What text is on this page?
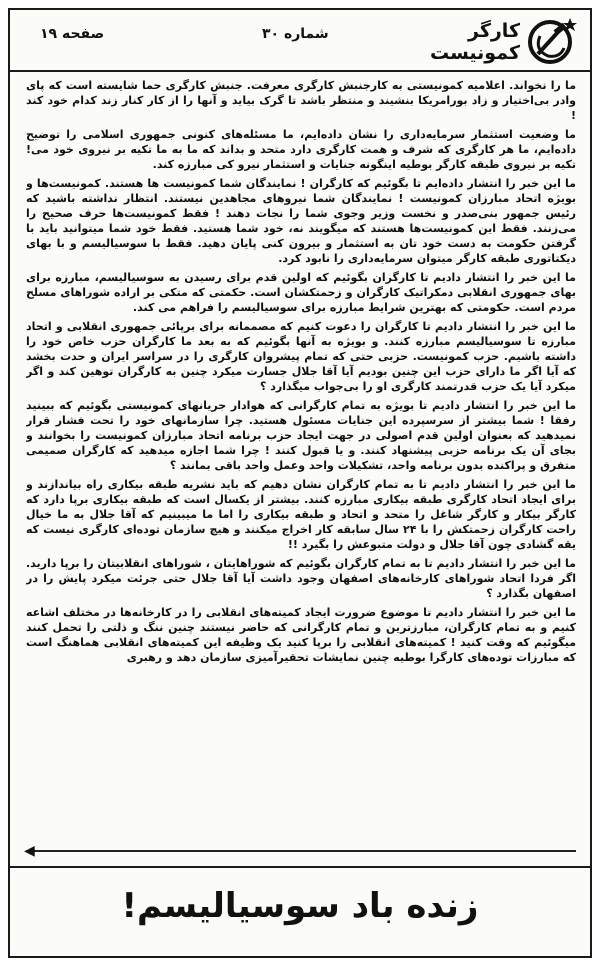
صفحه ۱۹	شماره ۳۰	کارگر کمونیست

ما را نخواند. اعلامیه کمونیستی به کارجنبش کارگری معرفت. جنبش کارگری حما شایسته است که پای وادر بی‌اختیار و زاد بورامریکا بنشیند و منتظر باشد تا گرک بیاید و آنها را از کار کنار زند کدام خود کند !

ما وضعیت استثمار سرمایه‌داری را نشان داده‌ایم، ما مسئله‌های کنونی جمهوری اسلامی را توضیح داده‌ایم، ما هر کارگری که شرف و همت کارگری دارد متحد و بداند که ما به ما تکیه بر نیروی خود می‌! تکیه بر نیروی طبقه کارگر بوطیه اینگونه جنایات و استثمار نیرو کی مبارزه کند.

ما این خبر را انتشار داده‌ایم تا بگوئیم که کارگران ! نمایندگان شما کمونیست ها هستند. کمونیست‌ها و بویژه اتحاد مبارزان کمونیست ! نمایندگان شما نیروهای مجاهدین نیستند. انتظار نداشته باشید که رئیس جمهور بنی‌صدر و نخست وزیر وجوی شما را نجات دهند ! فقط کمونیست‌ها حرف صحیح را می‌زنند. فقط این کمونیست‌ها هستند که میگویند نه، خود شما هستید. فقط خود شما میتوانید باید با گرفتن حکومت به دست خود تان به استثمار و بیرون کنی پایان دهید. فقط با سوسیالیسم و با بهای دیکتاتوری طبقه کارگر میتوان سرمایه‌داری را نابود کرد.

ما این خبر را انتشار دادیم تا کارگران بگوئیم که اولین قدم برای رسیدن به سوسیالیسم، مبارزه برای بهای جمهوری انقلابی دمکراتیک کارگران و زحمتکشان است. حکمتی که متکی بر اراده شوراهای مسلح مردم است. حکومتی که بهترین شرایط مبارزه برای سوسیالیسم را فراهم می کند.

ما این خبر را انتشار دادیم تا کارگران را دعوت کنیم که مصممانه برای برپائی جمهوری انقلابی و اتحاد مبارزه تا سوسیالیسم مبارزه کنند. و بویژه به آنها بگوئیم که به بعد ما کارگران حزب خاص خود را داشته باشیم. حزب کمونیست. حزبی حتی که تمام پیشروان کارگری را در سراسر ایران و حدت بخشد که آیا اگر ما دارای حزب این چنین بودیم آیا آقا جلال جسارت میکرد چنین به کارگران توهین کند و اگر میکرد آیا یک حزب قدرتمند کارگری او را بی‌جواب میگذارد ؟

ما این خبر را انتشار دادیم تا بویژه به تمام کارگرانی که هوادار جریانهای کمونیستی بگوئیم که ببینید رفقا ! شما بیشتر از سرسپرده این جنایات مسئول هستید. چرا سازمانهای خود را تحت فشار قرار نمیدهید که بعنوان اولین قدم اصولی در جهت ایجاد حزب برنامه اتحاد مبارزان کمونیست را بخوانند و بجای آن یک برنامه حزبی پیشنهاد کنند. و یا قبول کنند ! چرا شما اجازه میدهید که کارگران صمیمی متفرق و پراکنده بدون برنامه واحد، تشکیلات واحد وعمل واحد باقی بمانند ؟

ما این خبر را انتشار دادیم تا به تمام کارگران نشان دهیم که باید نشریه طبقه بیکاری راه بیاندازند و برای ایجاد اتحاد کارگری طبقه بیکاری مبارزه کنند. بیشتر از یکسال است که طبقه بیکاری برپا دارد که کارگر بیکار و کارگر شاغل را متحد و اتحاد و طبقه بیکاری را اما ما میبینیم که آقا جلال به ما خیال راحت کارگران زحمتکش را با ۲۴ سال سابقه کار اخراج میکنند و هیچ سازمان توده‌ای کارگری نیست که یقه گشادی چون آقا جلال و دولت متبوعش را بگیرد !!

ما این خبر را انتشار دادیم تا به تمام کارگران بگوئیم که شوراهایتان ، شوراهای انقلابیتان را برپا دارید. اگر فردا اتحاد شوراهای کارخانه‌های اصفهان وجود داشت آیا آقا جلال حتی جرئت میکرد پایش را در اصفهان بگذارد ؟

ما این خبر را انتشار دادیم تا موضوع ضرورت ایجاد کمیته‌های انقلابی را در کارخانه‌ها در مختلف اشاعه کنیم و به تمام کارگران، مبارزترین و تمام کارگرانی که حاضر نیستند چنین ننگ و ذلتی را تحمل کنند میگوئیم که وقت کنید ! کمیته‌های انقلابی را برپا کنید یک وظیفه این کمیته‌های انقلابی هماهنگ است که مبارزات توده‌های کارگرا بوطیه چنین نمایشات تحقیرآمیزی سازمان دهد و رهبری

◀
زنده باد سوسیالیسم!
